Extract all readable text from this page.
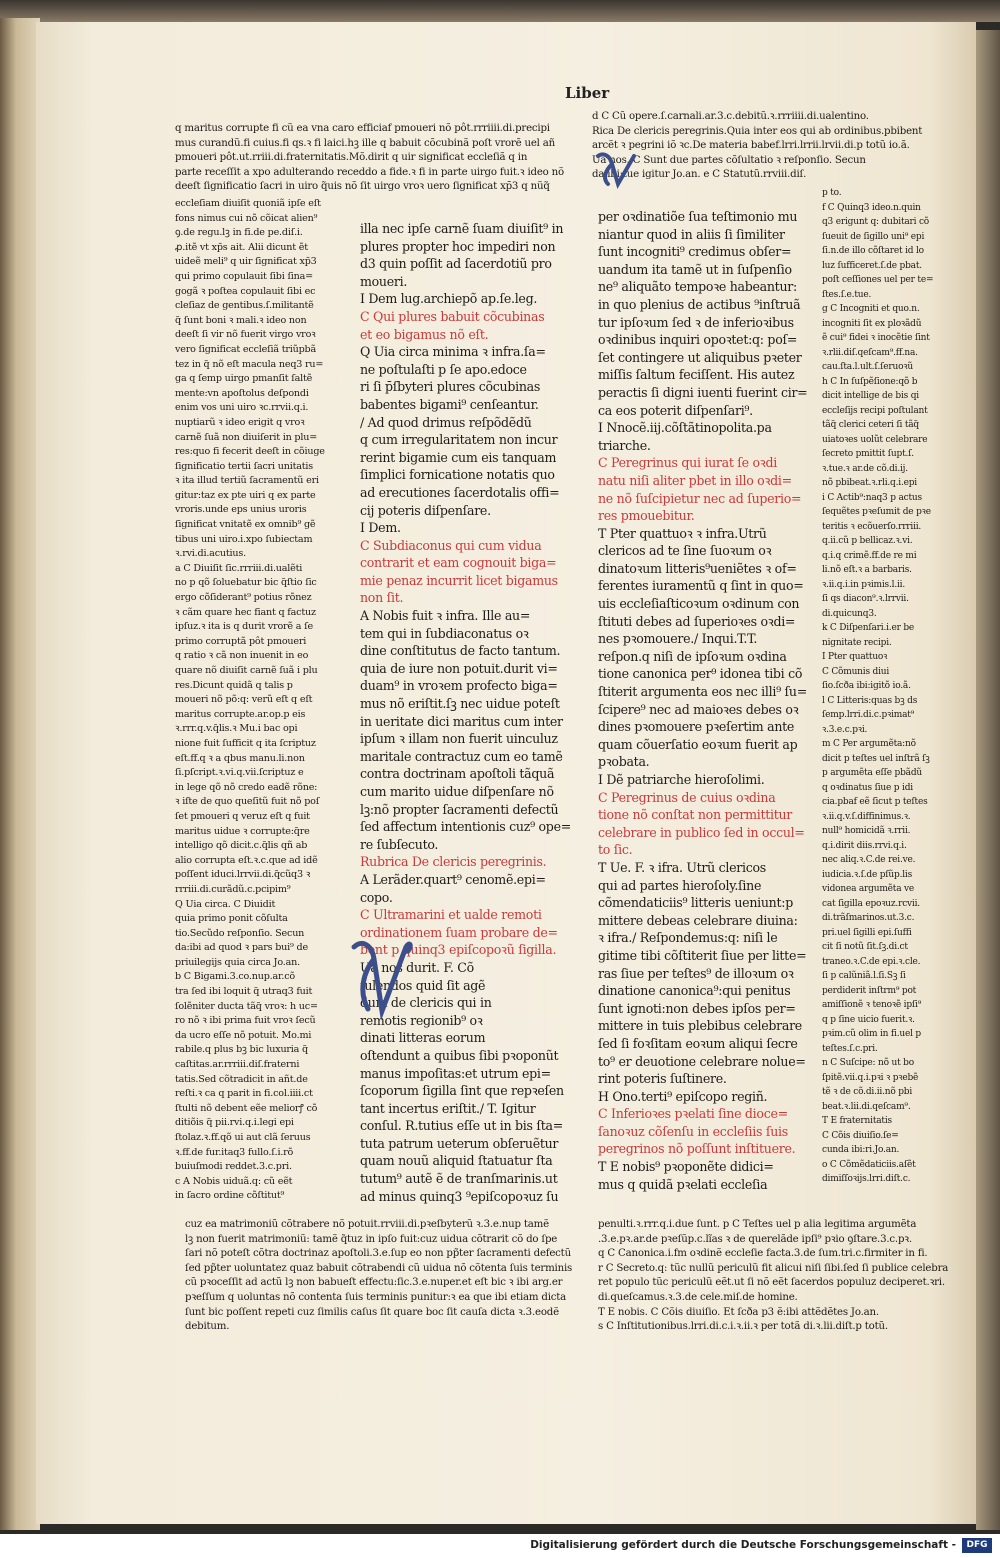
Liber
q maritus corrupte fi cũ ea vna caro efficiaf pmoueri nõ pôt.rrriiii.di.precipi
mus curandũ.fi cuius.fi qs.ꝛ fi laici.hꝫ ille q babuit cõcubinã poſt vrorẽ uel añ
pmoueri pôt.ut.rriii.di.fraternitatis.Mõ.dirit q uir significat eccleſiã q in
parte receſſit a xpo adulterando receddo a fide.ꝛ fi in parte uirgo fuit.ꝛ ideo nõ
deeſt ſignificatio ſacri in uiro q̃uis nõ ſit uirgo vroꝛ uero ſignificat xp̄3 q nũq̃
d C Cũ opere.ſ.carnali.ar.3.c.debitũ.ꝛ.rrriiii.di.ualentino.
Rica De clericis peregrinis.Quia inter eos qui ab ordinibus.pbibent
arcẽt ꝛ pegrini iõ ꝛc.De materia babef.lrri.lrrii.lrvii.di.p totũ io.ã.
Ua nos. C Sunt due partes cõſultatio ꝛ reſponſio. Secun
da ibi:tue igitur Jo.an. e C Statutũ.rrviii.diſ.
eccleſiam diuiſit quoniã ipſe eſt
fons nimus cui nõ cõicat alien⁹
ꝯ.de regu.lꝫ in fi.de pe.diſ.i.
ꝓ.itẽ vt xp̄s ait. Alii dicunt ẽt
uideẽ meli⁹ q uir ſignificat xp̄3
qui primo copulauit ſibi ſina=
gogã ꝛ poſtea copulauit ſibi ec
cleſiaz de gentibus.ſ.militantẽ
q̃ ſunt boni ꝛ mali.ꝛ ideo non
deeſt ſi vir nõ fuerit virgo vroꝛ
vero ſignificat eccleſiã triũpbã
tez in q̃ nõ eſt macula neq3 ru=
ga q ſemp uirgo pmanſit ſaltẽ
mente:vn apoſtolus deſpondi
enim vos uni uiro ꝛc.rrvii.q.i.
nuptiarũ ꝛ ideo erigit q vroꝛ
carnẽ ſuã non diuiſerit in plu=
res:quo fi fecerit deeſt in cõiuge
ſignificatio tertii ſacri unitatis
ꝛ ita illud tertiũ ſacramentũ eri
gitur:taz ex pte uiri q ex parte
vroris.unde eps unius uroris
ſignificat vnitatẽ ex omnib⁹ gẽ
tibus uni uiro.i.xpo ſubiectam
ꝛ.rvi.di.acutius.
a C Diuiſit ſic.rrriii.di.ualẽti
no p qõ ſoluebatur bic q̃ſtio ſic
ergo cõſiderant⁹ potius rõnez
ꝛ cãm quare hec fiant q factuz
ipſuz.ꝛ ita is q durit vrorẽ a ſe
primo corruptã pôt pmoueri
q ratio ꝛ cã non inuenit in eo
quare nõ diuiſit carnẽ ſuã i plu
res.Dicunt quidã q talis p
moueri nõ põ:q: verũ eſt q eſt
maritus corrupte.ar.op.p eis
ꝛ.rrr.q.v.q̃lis.ꝛ Mu.i bac opi
nione fuit ſufficit q ita ſcriptuz
eſt.ff.q ꝛ a qbus manu.li.non
ſi.pſcript.ꝛ.vi.q.vii.ſcriptuz e
in lege qõ nõ credo eadẽ rõne:
ꝛ iſte de quo queſitũ fuit nõ poſ
ſet pmoueri q veruz eſt q fuit
maritus uidue ꝛ corrupte:q̃re
intelligo qõ dicit.c.q̃lis qñ ab
alio corrupta eſt.ꝛ.c.que ad idẽ
poſſent iduci.lrrvii.di.q̃cũq3 ꝛ
rrriii.di.curãdũ.c.pcipim⁹
Q Uia circa. C Diuidit
quia primo ponit cõſulta
tio.Secũdo reſponſio. Secun
da:ibi ad quod ꝛ pars bui⁹ de
priuilegijs quia circa Jo.an.
b C Bigami.3.co.nup.ar.cõ
tra ſed ibi loquit q̃ utraq3 fuit
ſolẽniter ducta tãq̃ vroꝛ: h uc=
ro nõ ꝛ ibi prima fuit vroꝛ ſecũ
da ucro eſſe nõ potuit. Mo.mi
rabile.q plus bꝫ bic luxuria q̃
caſtitas.ar.rrriii.diſ.fraterni
tatis.Sed cõtradicit in añt.de
reſti.ꝛ ca q parit in fi.col.iiii.ct
ſtulti nõ debent eẽe meliorꝭ cõ
ditiõis q̃ pii.rvi.q.i.legi epi
ſtolaz.ꝛ.ff.qõ ui aut clã ſeruus
ꝛ.ff.de fur.itaq3 fullo.ſ.i.rõ
buiuſmodi reddet.3.c.pri.
c A Nobis uiduã.q: cũ eẽt
in ſacro ordine cõſtitut⁹
illa nec ipſe carnẽ ſuam diuiſit⁹ in
plures propter hoc impediri non
d3 quin poſſit ad ſacerdotiũ pro
moueri.
I Dem lug.archiepõ ap.ſe.leg.
C Qui plures babuit cõcubinas
et eo bigamus nõ eſt.
Q Uia circa minima ꝛ infra.ſa=
ne poſtulaſti p ſe apo.edoce
ri ſi p̄ſbyteri plures cõcubinas
babentes bigami⁹ cenſeantur.
/ Ad quod drimus reſpõdẽdũ
q cum irregularitatem non incur
rerint bigamie cum eis tanquam
ſimplici fornicatione notatis quo
ad erecutiones ſacerdotalis offi=
cij poteris diſpenſare.
I Dem.
C Subdiaconus qui cum vidua
contrarit et eam cognouit biga=
mie penaz incurrit licet bigamus
non ſit.
A Nobis fuit ꝛ infra. Ille au=
tem qui in ſubdiaconatus oꝛ
dine conſtitutus de facto tantum.
quia de iure non potuit.durit vi=
duam⁹ in vroꝛem profecto biga=
mus nõ eriſtit.ſꝫ nec uidue poteſt
in ueritate dici maritus cum inter
ipſum ꝛ illam non fuerit uinculuz
maritale contractuz cum eo tamẽ
contra doctrinam apoſtoli tãquã
cum marito uidue diſpenſare nõ
lꝫ:nõ propter ſacramenti defectũ
ſed affectum intentionis cuz⁹ ope=
re ſubſecuto.
Rubrica De clericis peregrinis.
A Lerãder.quart⁹ cenomẽ.epi=
copo.
C Ultramarini et ualde remoti
ordinationem ſuam probare de=
bent p quinq3 epiſcopoꝛũ ſigilla.
Ua nos durit. F. Cõ
ſulendos quid ſit agẽ
dum de clericis qui in
remotis regionib⁹ oꝛ
dinati litteras eorum
oſtendunt a quibus ſibi pꝛoponũt
manus impoſitas:et utrum epi=
ſcoporum ſigilla ſint que repꝛeſen
tant incertus eriſtit./ T. Igitur
conſul. R.tutius eſſe ut in bis ſta=
tuta patrum ueterum obſeruẽtur
quam nouũ aliquid ſtatuatur ſta
tutum⁹ autẽ ẽ de tranſmarinis.ut
ad minus quinq3 ⁹epiſcopoꝛuz ſu
per oꝛdinatiõe ſua teſtimonio mu
niantur quod in aliis ſi ſimiliter
ſunt incogniti⁹ credimus obſer=
uandum ita tamẽ ut in ſuſpenſio
ne⁹ aliquãto tempoꝛe habeantur:
in quo plenius de actibus ⁹inſtruã
tur ipſoꝛum ſed ꝛ de inferioꝛibus
oꝛdinibus inquiri opoꝛtet:q: poſ=
ſet contingere ut aliquibus pꝛeter
miſſis ſaltum feciſſent. His autez
peractis ſi digni iuenti fuerint cir=
ca eos poterit diſpenſari⁹.
I Nnocẽ.iij.cõſtãtinopolita.pa
triarche.
C Peregrinus qui iurat ſe oꝛdi
natu niſi aliter pbet in illo oꝛdi=
ne nõ ſuſcipietur nec ad ſuperio=
res pmouebitur.
T Pter quattuoꝛ ꝛ infra.Utrũ
clericos ad te ſine ſuoꝛum oꝛ
dinatoꝛum litteris⁹ueniẽtes ꝛ of=
ferentes iuramentũ q ſint in quo=
uis eccleſiaſticoꝛum oꝛdinum con
ſtituti debes ad ſuperioꝛes oꝛdi=
nes pꝛomouere./ Inqui.T.T.
reſpon.q niſi de ipſoꝛum oꝛdina
tione canonica per⁹ idonea tibi cõ
ſtiterit argumenta eos nec illi⁹ ſu=
ſcipere⁹ nec ad maioꝛes debes oꝛ
dines pꝛomouere pꝛeſertim ante
quam cõuerſatio eoꝛum fuerit ap
pꝛobata.
I Dẽ patriarche hieroſolimi.
C Peregrinus de cuius oꝛdina
tione nõ conſtat non permittitur
celebrare in publico ſed in occul=
to ſic.
T Ue. F. ꝛ ifra. Utrũ clericos
qui ad partes hieroſoly.ſine
cõmendaticiis⁹ litteris ueniunt:p
mittere debeas celebrare diuina:
ꝛ ifra./ Reſpondemus:q: niſi le
gitime tibi cõſtiterit ſiue per litte=
ras ſiue per teſtes⁹ de illoꝛum oꝛ
dinatione canonica⁹:qui penitus
ſunt ignoti:non debes ipſos per=
mittere in tuis plebibus celebrare
ſed ſi foꝛſitam eoꝛum aliqui ſecre
to⁹ er deuotione celebrare nolue=
rint poteris ſuſtinere.
H Ono.terti⁹ epiſcopo regiñ.
C Inferioꝛes pꝛelati ſine dioce=
ſanoꝛuz cõſenſu in eccleſiis ſuis
peregrinos nõ poſſunt inſtituere.
T E nobis⁹ pꝛoponẽte didici=
mus q quidã pꝛelati eccleſia
p to.
f C Quinq3 ideo.n.quin
q3 erigunt q: dubitari cõ
ſueuit de ſigillo uni⁹ epi
ſi.n.de illo cõſtaret id lo
luz ſufficeret.ſ.de pbat.
poſt ceſſiones uel per te=
ſtes.ſ.e.tue.
g C Incogniti et quo.n.
incogniti ſit ex ploꝛãdũ
ẽ cui⁹ fidei ꝛ inocẽtie ſint
ꝛ.rlii.diſ.qeſcam⁹.ff.na.
cau.ſta.l.ult.ſ.ſeruoꝛũ
h C In ſuſpẽſione:qõ b
dicit intellige de bis qi
eccleſijs recipi poſtulant
tãq̃ clerici ceteri ſi tãq̃
uiatoꝛes uolũt celebrare
ſecreto pmittit ſupt.ſ.
ꝛ.tue.ꝛ ar.de cõ.di.ij.
nõ pbibeat.ꝛ.rli.q.i.epi
i C Actib⁹:naq3 p actus
ſequẽtes pꝛeſumit de pꝛe
teritis ꝛ ecõuerſo.rrriii.
q.ii.cũ p bellicaz.ꝛ.vi.
q.i.q crimẽ.ff.de re mi
li.nõ eſt.ꝛ a barbaris.
ꝛ.ii.q.i.in pꝛimis.l.ii.
ſi qs diacon⁹.ꝛ.lrrvii.
di.quicunq3.
k C Diſpenſari.i.er be
nignitate recipi.
I Pter quattuoꝛ
C Cõmunis diui
ſio.ſcða ibi:igitõ io.ã.
l C Litteris:quas bꝫ ds
ſemp.lrri.di.c.pꝛimat⁹
ꝛ.3.e.c.pꝛi.
m C Per argumẽta:nõ
dicit p teſtes uel inſtrã ſꝫ
p argumẽta eſſe pbãdũ
q oꝛdinatus ſiue p idi
cia.pbaf eẽ ſicut p teſtes
ꝛ.ii.q.v.ſ.diffinimus.ꝛ.
null⁹ homicidã ꝛ.rrii.
q.i.dirit diis.rrvi.q.i.
nec aliq.ꝛ.C.de rei.ve.
iudicia.ꝛ.ſ.de pſũp.lis
vidonea argumẽta ve
cat ſigilla epoꝛuz.rcvii.
di.trãſmarinos.ut.3.c.
pri.uel ſigilli epi.ſuffi
cit ſi notũ ſit.ſꝫ.di.ct
traneo.ꝛ.C.de epi.ꝛ.cle.
ſi p calũniã.l.ſi.Sꝫ ſi
perdiderit inſtrm⁹ pot
amiſſionẽ ꝛ tenoꝛẽ ipſi⁹
q p ſine uicio fuerit.ꝛ.
pꝛim.cũ olim in fi.uel p
teſtes.ſ.c.pri.
n C Suſcipe: nõ ut bo
ſpitẽ.vii.q.i.pꝛi ꝛ pꝛebẽ
tẽ ꝛ de cõ.di.ii.nõ pbi
beat.ꝛ.lii.di.qeſcam⁹.
T E fraternitatis
C Cõis diuiſio.ſe=
cunda ibi:ri.Jo.an.
o C Cõmẽdaticiis.aſẽt
dimiſſoꝛijs.lrri.diſt.c.
cuz ea matrimoniũ cõtrabere nõ potuit.rrviii.di.pꝛeſbyterũ ꝛ.3.e.nup tamẽ
lꝫ non fuerit matrimoniũ: tamẽ q̃tuz in ipſo fuit:cuz uidua cõtrarit cõ do ſpe
ſari nõ poteſt cõtra doctrinaz apoſtoli.3.e.ſup eo non pp̃ter ſacramenti defectũ
ſed pp̃ter uoluntatez quaz babuit cõtrabendi cũ uidua nõ cõtenta ſuis terminis
cũ pꝛoceſſit ad actũ lꝫ non babueſt effectu:ſic.3.e.nuper.et eſt bic ꝛ ibi arg.er
pꝛeſſum q uoluntas nõ contenta ſuis terminis punitur:ꝛ ea que ibi etiam dicta
ſunt bic poſſent repeti cuz ſimilis caſus ſit quare boc ſit cauſa dicta ꝛ.3.eodẽ
debitum.
penulti.ꝛ.rrr.q.i.due ſunt. p C Teſtes uel p alia legitima argumẽta
.3.e.pꝛ.ar.de pꝛeſũp.c.lĩas ꝛ de querelãde ipſi⁹ pꝛio ꝯſtare.3.c.pꝛ.
q C Canonica.i.fm oꝛdinẽ eccleſie facta.3.de ſum.tri.c.firmiter in fi.
r C Secreto.q: tũc nullũ periculũ fit alicui niſi ſibi.ſed ſi publice celebra
ret populo tũc periculũ eẽt.ut ſi nõ eẽt ſacerdos populuz deciperet.ꝛri.
di.queſcamus.ꝛ.3.de cele.miſ.de homine.
T E nobis. C Cõis diuiſio. Et ſcða p3 ẽ:ibi attẽdẽtes Jo.an.
s C Inſtitutionibus.lrri.di.c.i.ꝛ.ii.ꝛ per totã di.ꝛ.lii.diſt.p totũ.
Digitalisierung gefördert durch die Deutsche Forschungsgemeinschaft -	DFG
